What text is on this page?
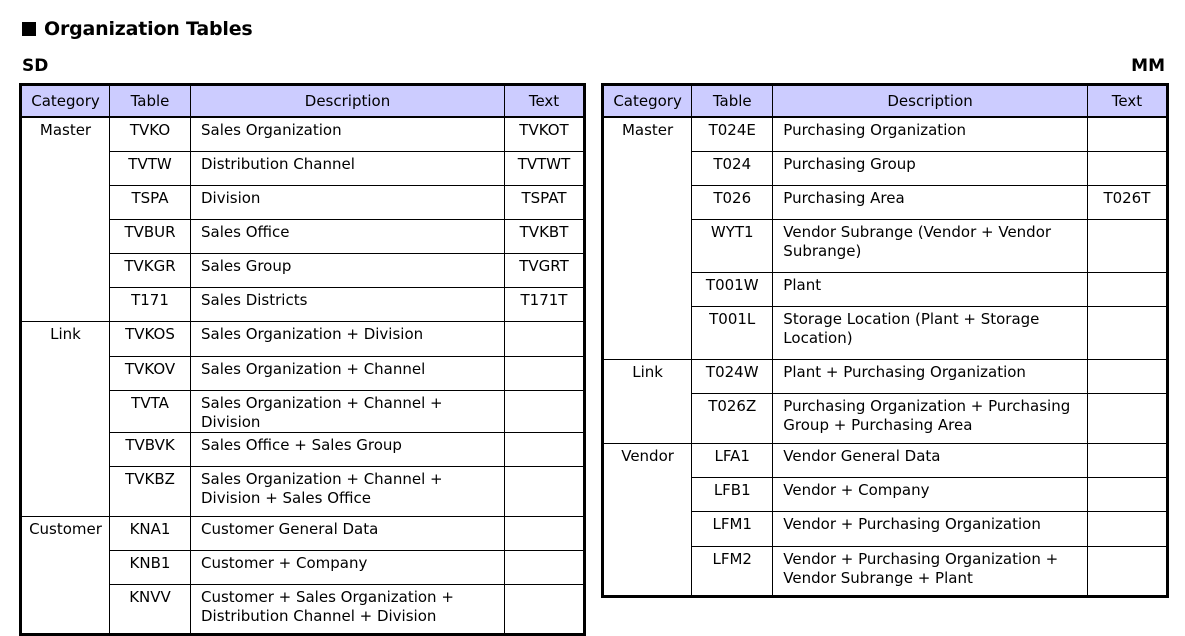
Organization Tables
SD	MM
Category	Table	Description	Text
Master	TVKO	Sales Organization	TVKOT
	TVTW	Distribution Channel	TVTWT
	TSPA	Division	TSPAT
	TVBUR	Sales Office	TVKBT
	TVKGR	Sales Group	TVGRT
	T171	Sales Districts	T171T
Link	TVKOS	Sales Organization + Division	
	TVKOV	Sales Organization + Channel	
	TVTA	Sales Organization + Channel + Division	
	TVBVK	Sales Office + Sales Group	
	TVKBZ	Sales Organization + Channel + Division + Sales Office	
Customer	KNA1	Customer General Data	
	KNB1	Customer + Company	
	KNVV	Customer + Sales Organization + Distribution Channel + Division	
Category	Table	Description	Text
Master	T024E	Purchasing Organization	
	T024	Purchasing Group	
	T026	Purchasing Area	T026T
	WYT1	Vendor Subrange (Vendor + Vendor Subrange)	
	T001W	Plant	
	T001L	Storage Location (Plant + Storage Location)	
Link	T024W	Plant + Purchasing Organization	
	T026Z	Purchasing Organization + Purchasing Group + Purchasing Area	
Vendor	LFA1	Vendor General Data	
	LFB1	Vendor + Company	
	LFM1	Vendor + Purchasing Organization	
	LFM2	Vendor + Purchasing Organization + Vendor Subrange + Plant	
